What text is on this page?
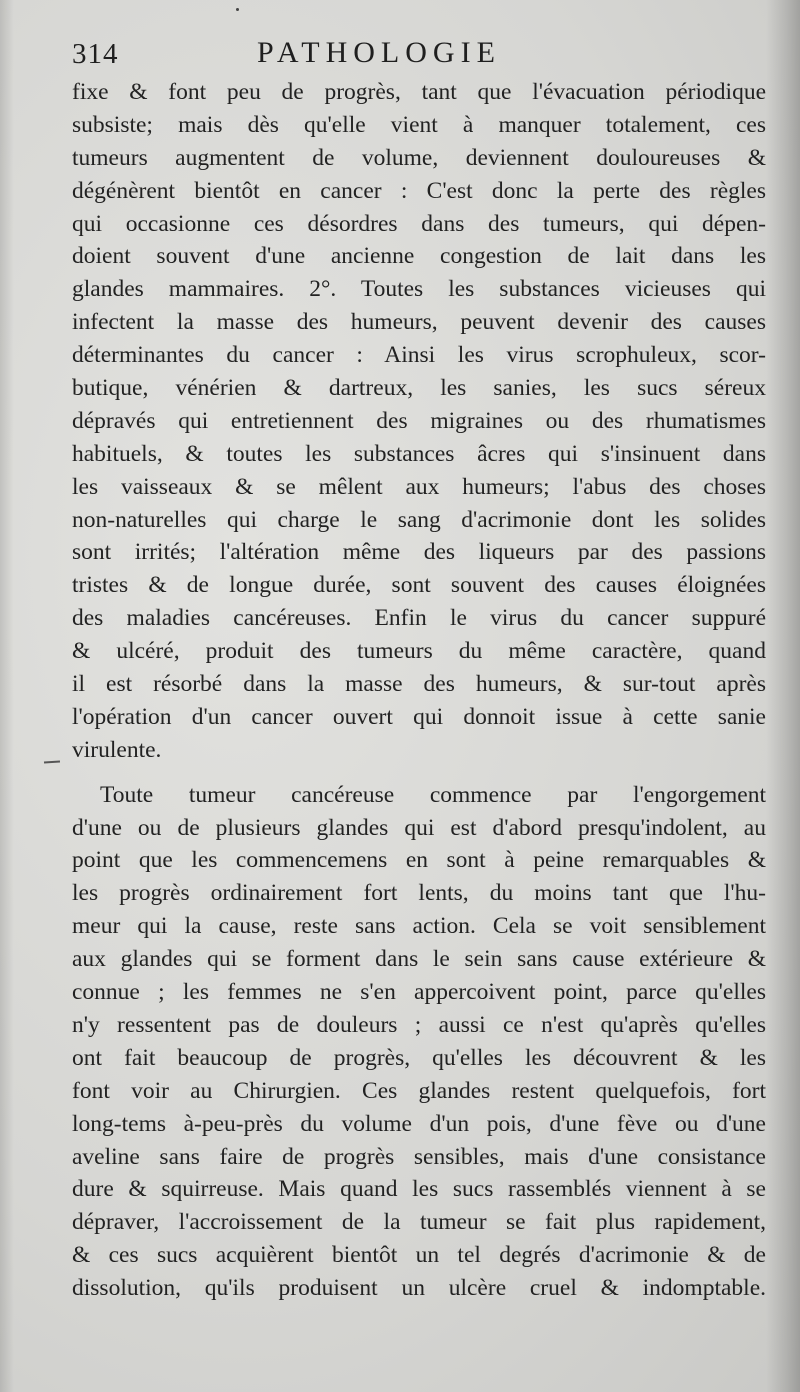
314	PATHOLOGIE
fixe & font peu de progrès, tant que l'évacuation périodique
subsiste; mais dès qu'elle vient à manquer totalement, ces
tumeurs augmentent de volume, deviennent douloureuses &
dégénèrent bientôt en cancer : C'est donc la perte des règles
qui occasionne ces désordres dans des tumeurs, qui dépen-
doient souvent d'une ancienne congestion de lait dans les
glandes mammaires. 2°. Toutes les substances vicieuses qui
infectent la masse des humeurs, peuvent devenir des causes
déterminantes du cancer : Ainsi les virus scrophuleux, scor-
butique, vénérien & dartreux, les sanies, les sucs séreux
dépravés qui entretiennent des migraines ou des rhumatismes
habituels, & toutes les substances âcres qui s'insinuent dans
les vaisseaux & se mêlent aux humeurs; l'abus des choses
non-naturelles qui charge le sang d'acrimonie dont les solides
sont irrités; l'altération même des liqueurs par des passions
tristes & de longue durée, sont souvent des causes éloignées
des maladies cancéreuses. Enfin le virus du cancer suppuré
& ulcéré, produit des tumeurs du même caractère, quand
il est résorbé dans la masse des humeurs, & sur-tout après
l'opération d'un cancer ouvert qui donnoit issue à cette sanie
virulente.
Toute tumeur cancéreuse commence par l'engorgement
d'une ou de plusieurs glandes qui est d'abord presqu'indolent, au
point que les commencemens en sont à peine remarquables &
les progrès ordinairement fort lents, du moins tant que l'hu-
meur qui la cause, reste sans action. Cela se voit sensiblement
aux glandes qui se forment dans le sein sans cause extérieure &
connue ; les femmes ne s'en appercoivent point, parce qu'elles
n'y ressentent pas de douleurs ; aussi ce n'est qu'après qu'elles
ont fait beaucoup de progrès, qu'elles les découvrent & les
font voir au Chirurgien. Ces glandes restent quelquefois, fort
long-tems à-peu-près du volume d'un pois, d'une fève ou d'une
aveline sans faire de progrès sensibles, mais d'une consistance
dure & squirreuse. Mais quand les sucs rassemblés viennent à se
dépraver, l'accroissement de la tumeur se fait plus rapidement,
& ces sucs acquièrent bientôt un tel degrés d'acrimonie & de
dissolution, qu'ils produisent un ulcère cruel & indomptable.
